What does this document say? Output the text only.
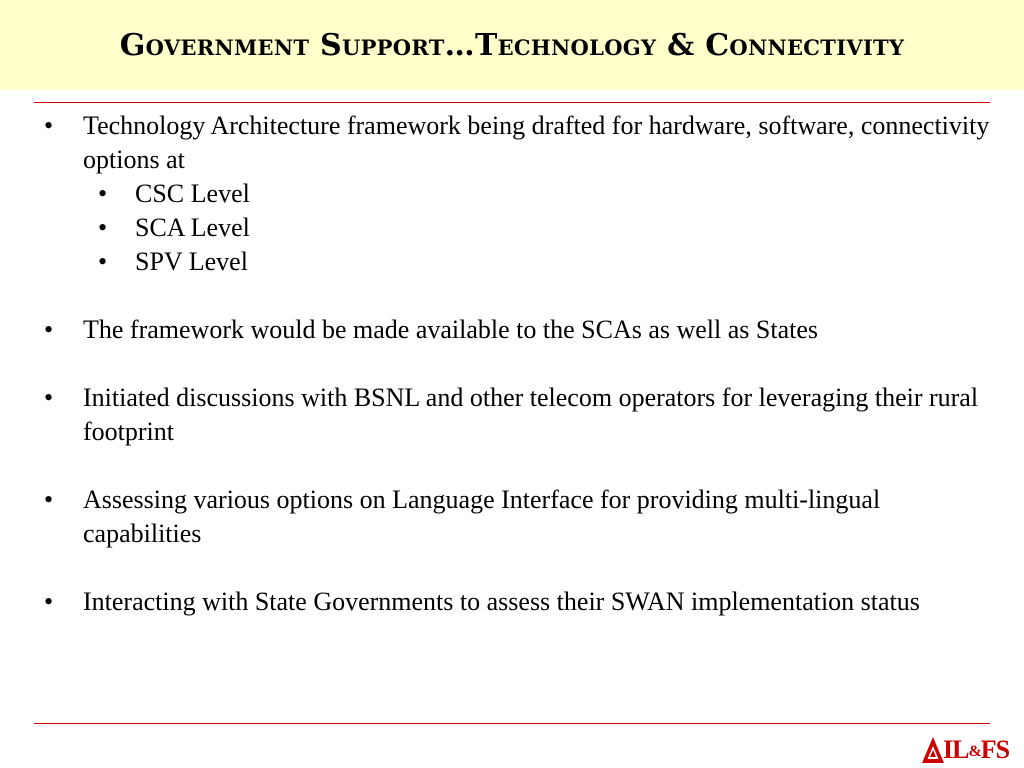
Government Support…Technology & Connectivity
•	Technology Architecture framework being drafted for hardware, software, connectivity options at
• CSC Level
• SCA Level
• SPV Level
•	The framework would be made available to the SCAs as well as States
•	Initiated discussions with BSNL and other telecom operators for leveraging their rural footprint
•	Assessing various options on Language Interface for providing multi-lingual capabilities
•	Interacting with State Governments to assess their SWAN implementation status
IL&FS
